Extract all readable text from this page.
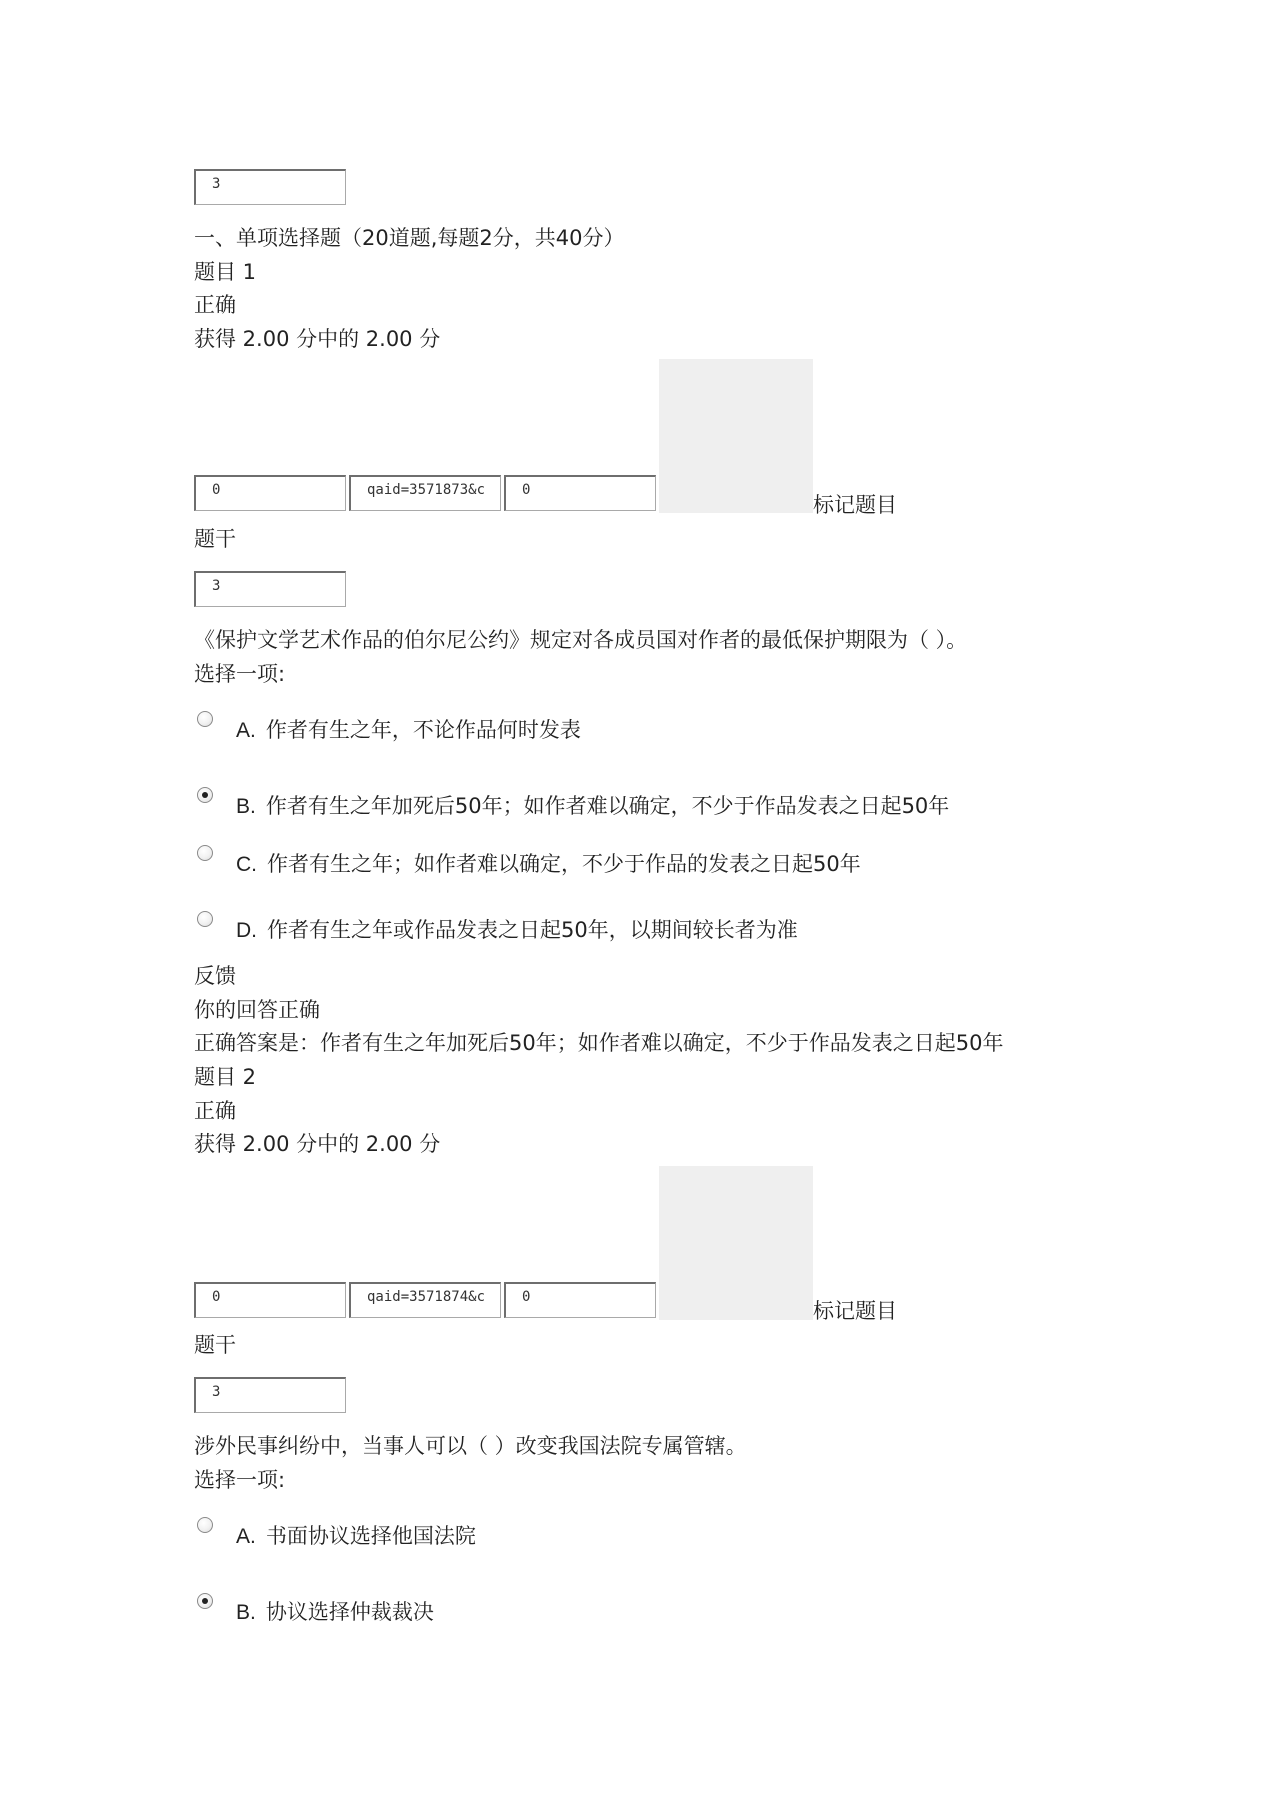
3
一、单项选择题（20道题,每题2分，共40分）
题目 1
正确
获得 2.00 分中的 2.00 分
0	qaid=3571873&c	0
标记题目
题干
3
《保护文学艺术作品的伯尔尼公约》规定对各成员国对作者的最低保护期限为（ ）。
选择一项:
A. 作者有生之年，不论作品何时发表
B. 作者有生之年加死后50年；如作者难以确定，不少于作品发表之日起50年
C. 作者有生之年；如作者难以确定，不少于作品的发表之日起50年
D. 作者有生之年或作品发表之日起50年，以期间较长者为准
反馈
你的回答正确
正确答案是：作者有生之年加死后50年；如作者难以确定，不少于作品发表之日起50年
题目 2
正确
获得 2.00 分中的 2.00 分
0	qaid=3571874&c	0
标记题目
题干
3
涉外民事纠纷中，当事人可以（ ）改变我国法院专属管辖。
选择一项:
A. 书面协议选择他国法院
B. 协议选择仲裁裁决
